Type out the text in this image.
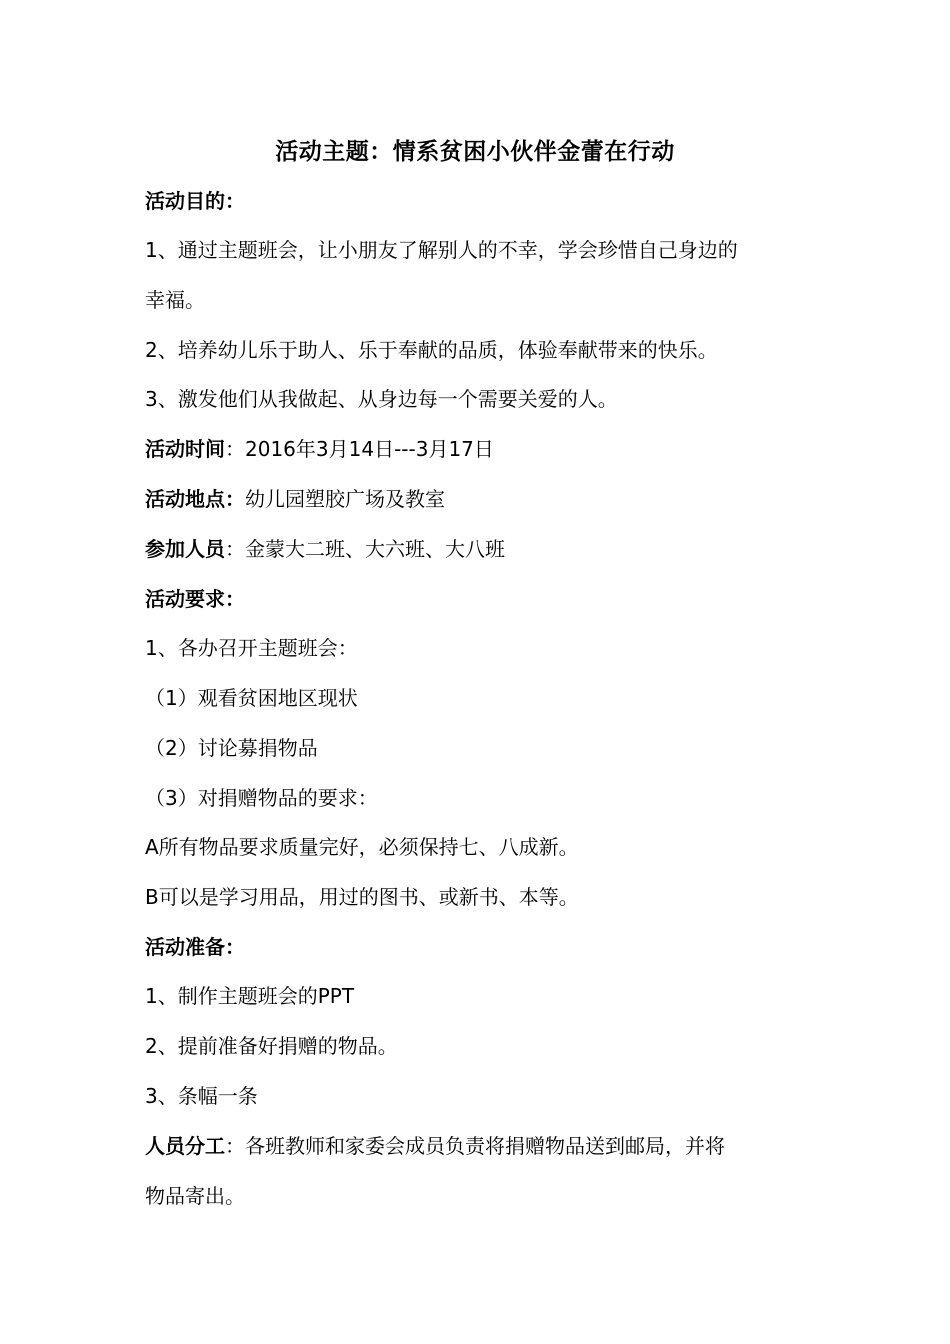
活动主题：情系贫困小伙伴金蕾在行动
活动目的：
1、通过主题班会，让小朋友了解别人的不幸，学会珍惜自己身边的
幸福。
2、培养幼儿乐于助人、乐于奉献的品质，体验奉献带来的快乐。
3、激发他们从我做起、从身边每一个需要关爱的人。
活动时间：2016年3月14日---3月17日
活动地点：幼儿园塑胶广场及教室
参加人员：金蒙大二班、大六班、大八班
活动要求：
1、各办召开主题班会：
（1）观看贫困地区现状
（2）讨论募捐物品
（3）对捐赠物品的要求：
A所有物品要求质量完好，必须保持七、八成新。
B可以是学习用品，用过的图书、或新书、本等。
活动准备：
1、制作主题班会的PPT
2、提前准备好捐赠的物品。
3、条幅一条
人员分工：各班教师和家委会成员负责将捐赠物品送到邮局，并将
物品寄出。
